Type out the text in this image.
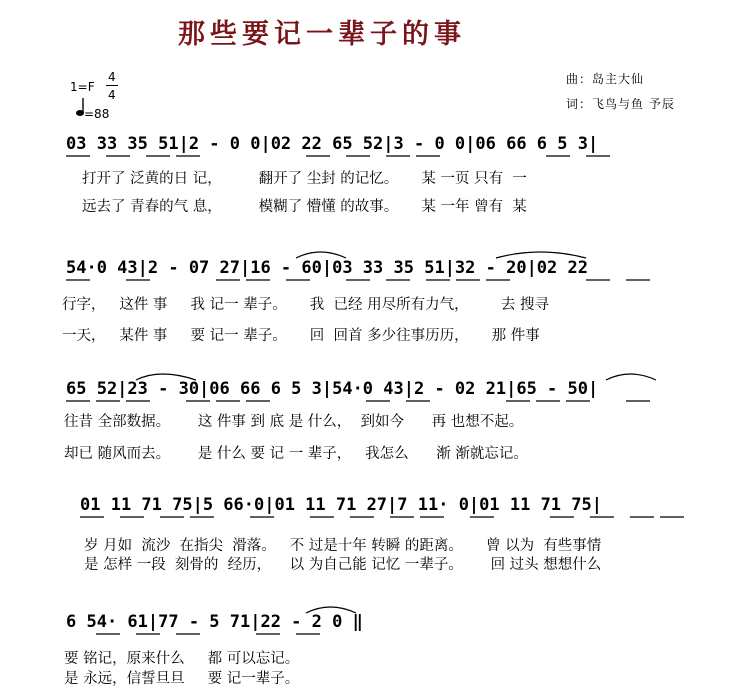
那些要记一辈子的事
1=F
4
4
=88
曲：岛主大仙
词：飞鸟与鱼 予辰
03 33 35 51|2 - 0 0|02 22 65 52|3 - 0 0|06 66 6 5 3|
打开了 泛黄的日 记，        翻开了 尘封 的记忆。     某 一页 只有  一
远去了 青春的气 息，        模糊了 懵懂 的故事。     某 一年 曾有  某
54·0 43|2 - 07 27|16 - 60|03 33 35 51|32 - 20|02 22
行字，   这件 事     我 记一 辈子。     我  已经 用尽所有力气，       去 搜寻
一天，   某件 事     要 记一 辈子。     回  回首 多少往事历历，     那 件事
65 52|23 - 30|06 66 6 5 3|54·0 43|2 - 02 21|65 - 50|
往昔 全部数据。      这 件事 到 底 是 什么，  到如今      再 也想不起。
却已 随风而去。      是 什么 要 记 一 辈子，   我怎么      渐 渐就忘记。
01 11 71 75|5 66·0|01 11 71 27|7 11· 0|01 11 71 75|
岁 月如  流沙  在指尖  滑落。   不 过是十年 转瞬 的距离。     曾 以为  有些事情
是 怎样 一段  刻骨的  经历，    以 为自己能 记忆 一辈子。      回 过头 想想什么
6 54· 61|77 - 5 71|22 - 2 0 ‖
要 铭记，原来什么     都 可以忘记。
是 永远，信誓旦旦     要 记一辈子。
